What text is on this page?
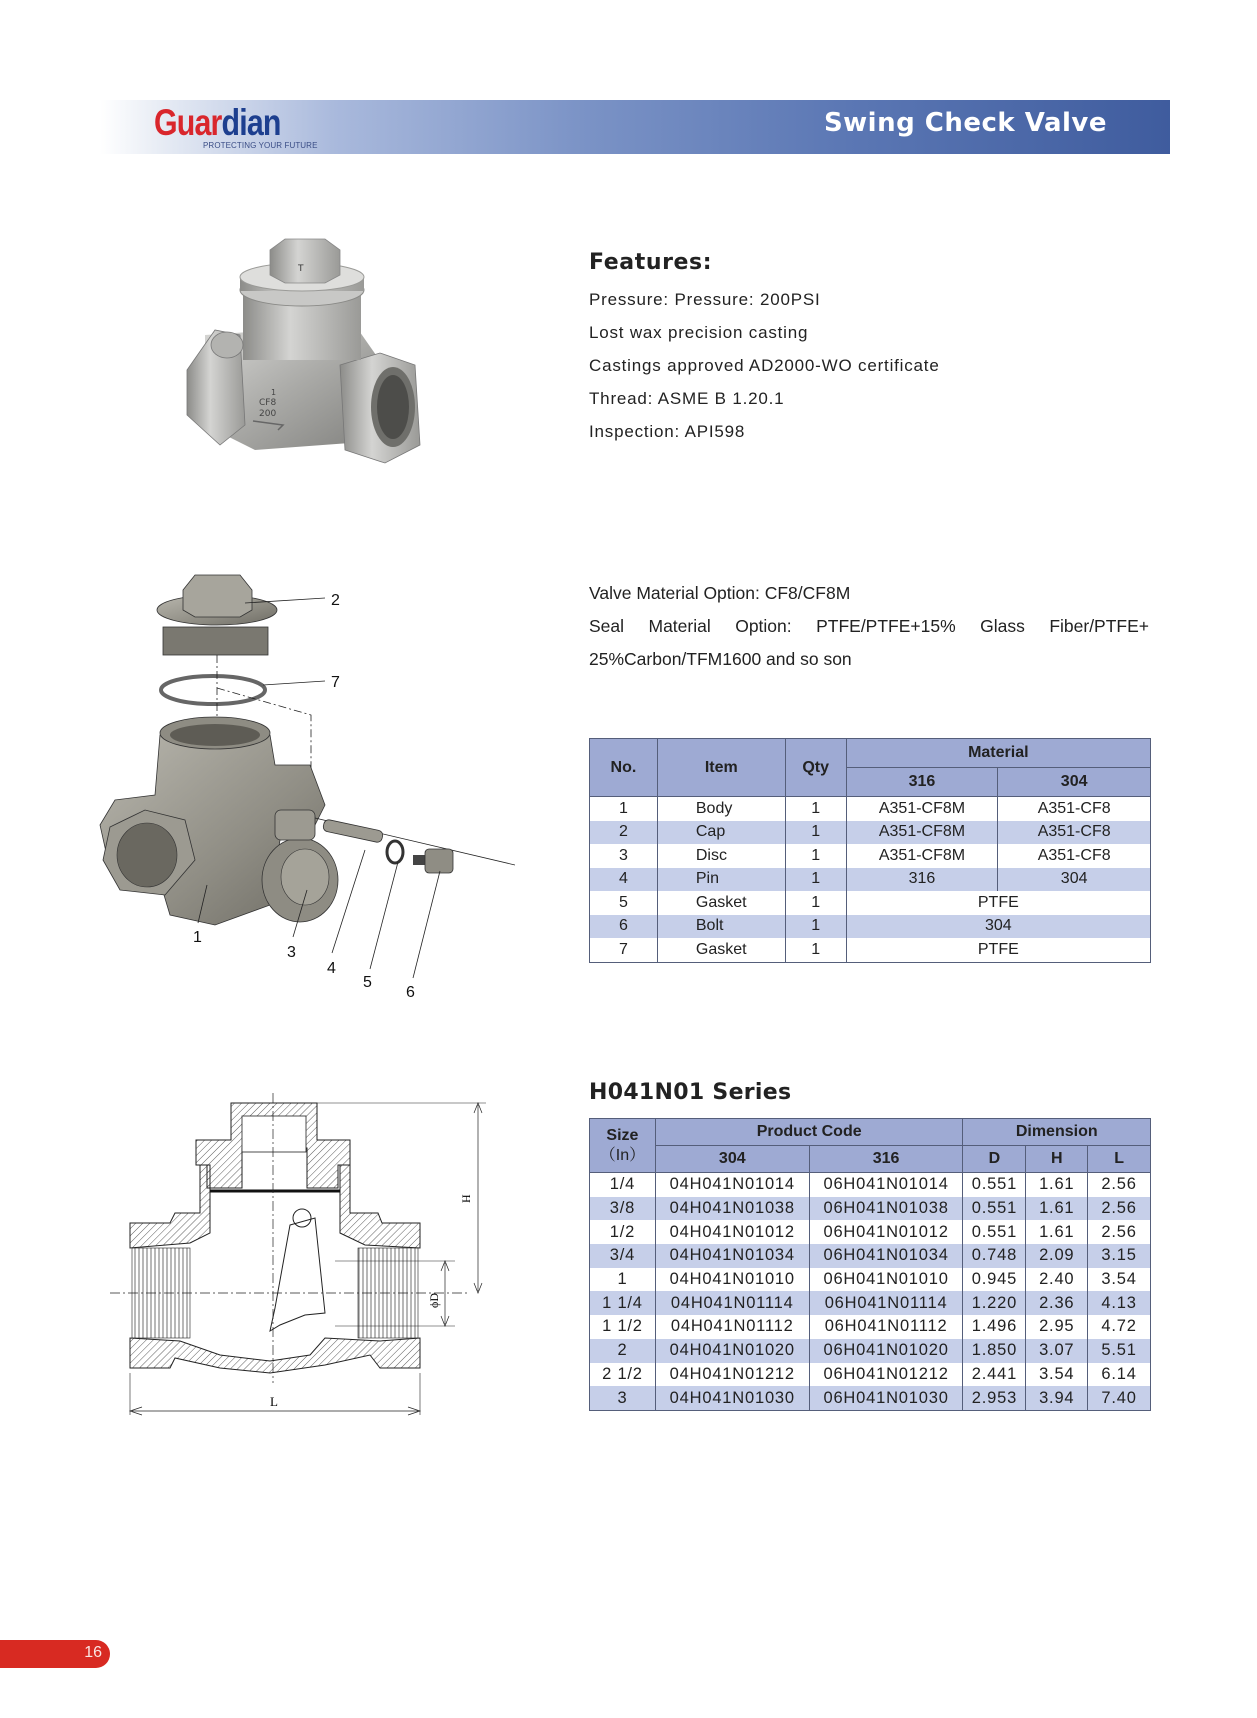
Guardian
PROTECTING YOUR FUTURE
Swing Check Valve
T
1
CF8
200
Features:
Pressure: Pressure: 200PSI
Lost wax precision casting
Castings approved AD2000-WO certificate
Thread: ASME B 1.20.1
Inspection: API598
2
7
1
3
4
5
6
Valve Material Option: CF8/CF8M
Seal Material Option: PTFE/PTFE+15% Glass Fiber/PTFE+
25%Carbon/TFM1600 and so son
No.	Item	Qty	Material	
			316	304
1	Body	1	A351-CF8M	A351-CF8
2	Cap	1	A351-CF8M	A351-CF8
3	Disc	1	A351-CF8M	A351-CF8
4	Pin	1	316	304
5	Gasket	1	PTFE	
6	Bolt	1	304	
7	Gasket	1	PTFE	
H
ϕD
L
H041N01 Series
Size
（In）	Product Code		Dimension		
	304	316	D	H	L
1/4	04H041N01014	06H041N01014	0.551	1.61	2.56
3/8	04H041N01038	06H041N01038	0.551	1.61	2.56
1/2	04H041N01012	06H041N01012	0.551	1.61	2.56
3/4	04H041N01034	06H041N01034	0.748	2.09	3.15
1	04H041N01010	06H041N01010	0.945	2.40	3.54
1 1/4	04H041N01114	06H041N01114	1.220	2.36	4.13
1 1/2	04H041N01112	06H041N01112	1.496	2.95	4.72
2	04H041N01020	06H041N01020	1.850	3.07	5.51
2 1/2	04H041N01212	06H041N01212	2.441	3.54	6.14
3	04H041N01030	06H041N01030	2.953	3.94	7.40
16
